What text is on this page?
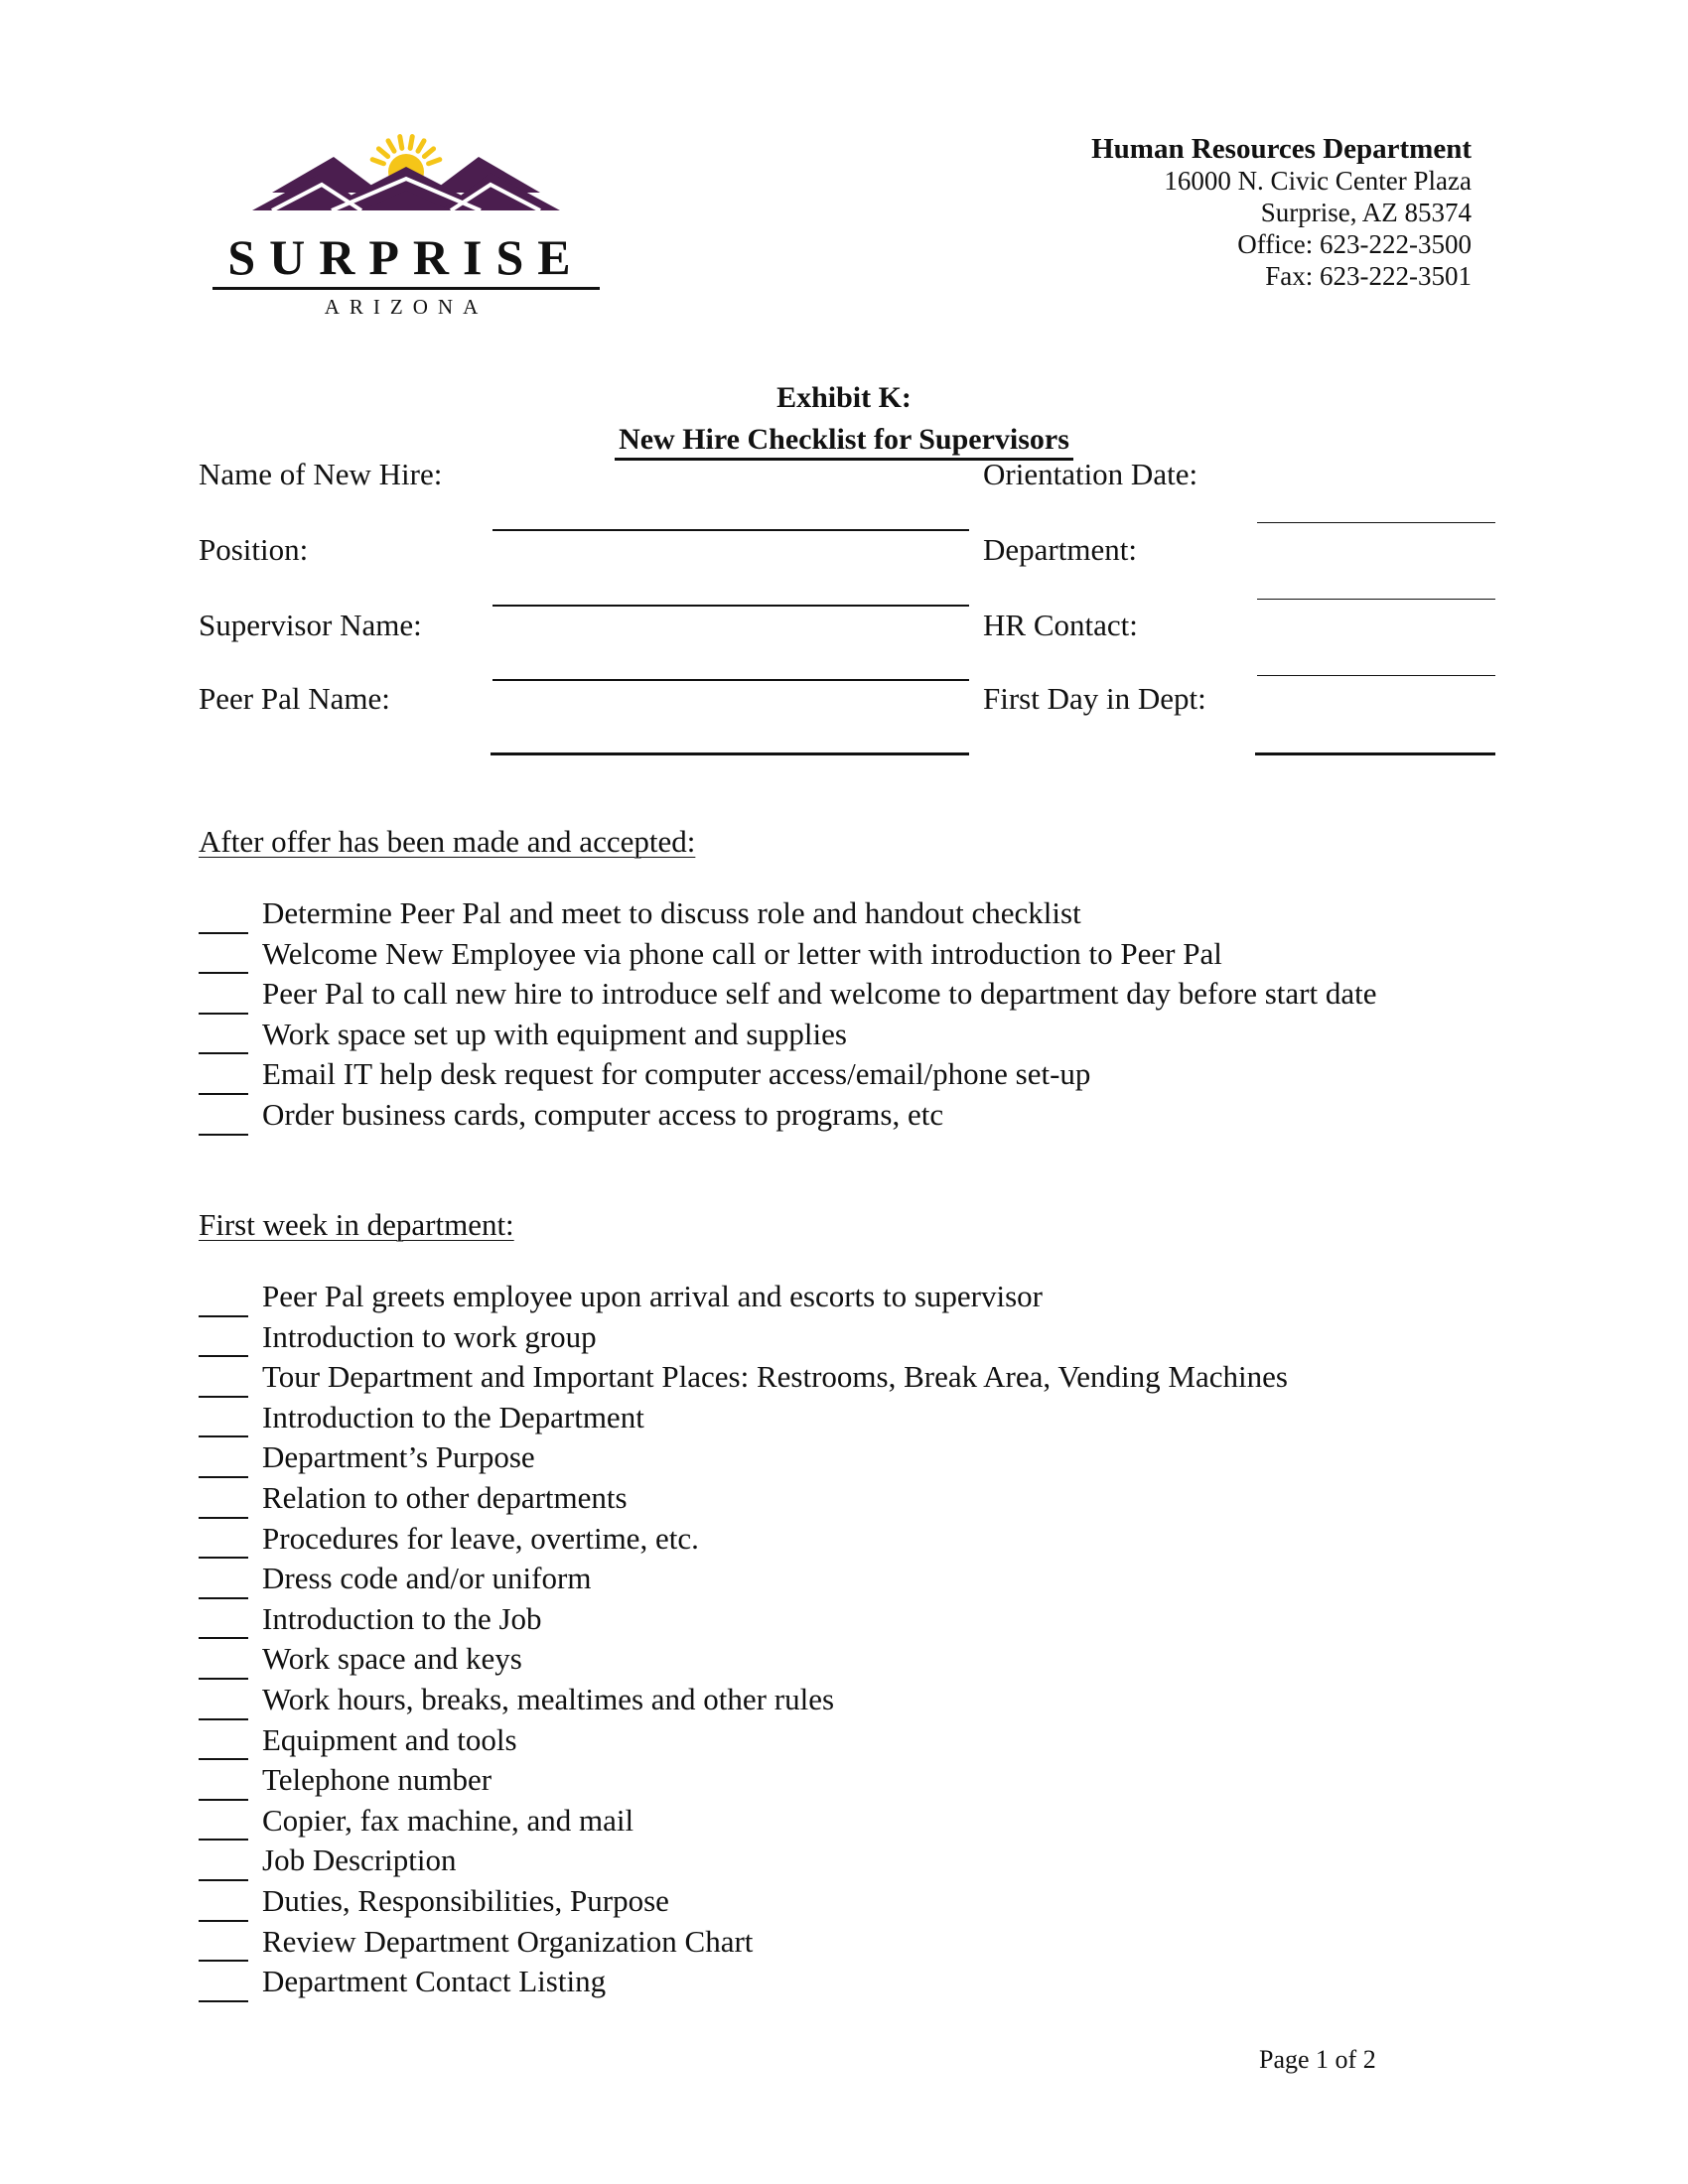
SURPRISE
ARIZONA
Human Resources Department
16000 N. Civic Center Plaza
Surprise, AZ 85374
Office: 623-222-3500
Fax: 623-222-3501
Exhibit K:
New Hire Checklist for Supervisors
Name of New Hire:
Position:
Supervisor Name:
Peer Pal Name:
Orientation Date:
Department:
HR Contact:
First Day in Dept:
After offer has been made and accepted:
Determine Peer Pal and meet to discuss role and handout checklist
Welcome New Employee via phone call or letter with introduction to Peer Pal
Peer Pal to call new hire to introduce self and welcome to department day before start date
Work space set up with equipment and supplies
Email IT help desk request for computer access/email/phone set-up
Order business cards, computer access to programs, etc
First week in department:
Peer Pal greets employee upon arrival and escorts to supervisor
Introduction to work group
Tour Department and Important Places: Restrooms, Break Area, Vending Machines
Introduction to the Department
Department’s Purpose
Relation to other departments
Procedures for leave, overtime, etc.
Dress code and/or uniform
Introduction to the Job
Work space and keys
Work hours, breaks, mealtimes and other rules
Equipment and tools
Telephone number
Copier, fax machine, and mail
Job Description
Duties, Responsibilities, Purpose
Review Department Organization Chart
Department Contact Listing
Page 1 of 2
